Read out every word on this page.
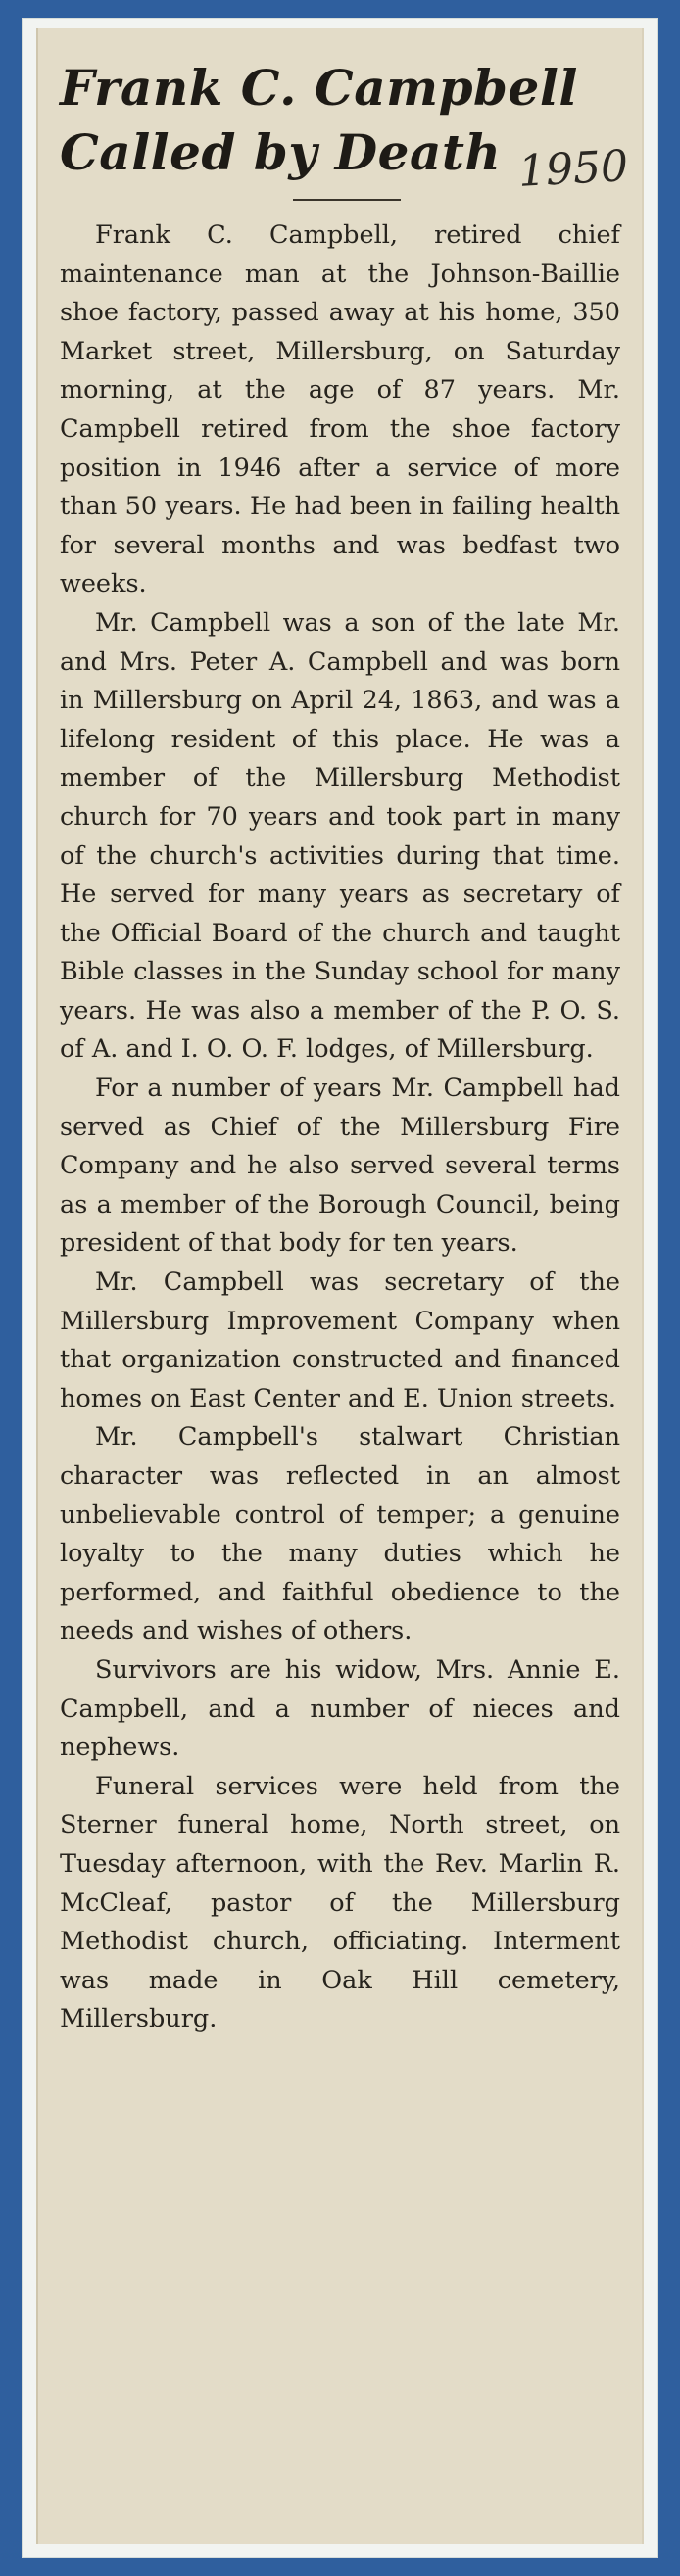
Frank C. Campbell
Called by Death 1950

Frank C. Campbell, retired chief maintenance man at the Johnson-Baillie shoe factory, passed away at his home, 350 Market street, Millersburg, on Saturday morning, at the age of 87 years. Mr. Campbell retired from the shoe factory position in 1946 after a service of more than 50 years. He had been in failing health for several months and was bedfast two weeks.

Mr. Campbell was a son of the late Mr. and Mrs. Peter A. Campbell and was born in Millersburg on April 24, 1863, and was a lifelong resident of this place. He was a member of the Millersburg Methodist church for 70 years and took part in many of the church's activities during that time. He served for many years as secretary of the Official Board of the church and taught Bible classes in the Sunday school for many years. He was also a member of the P. O. S. of A. and I. O. O. F. lodges, of Millersburg.

For a number of years Mr. Campbell had served as Chief of the Millersburg Fire Company and he also served several terms as a member of the Borough Council, being president of that body for ten years.

Mr. Campbell was secretary of the Millersburg Improvement Company when that organization constructed and financed homes on East Center and E. Union streets.

Mr. Campbell's stalwart Christian character was reflected in an almost unbelievable control of temper; a genuine loyalty to the many duties which he performed, and faithful obedience to the needs and wishes of others.

Survivors are his widow, Mrs. Annie E. Campbell, and a number of nieces and nephews.

Funeral services were held from the Sterner funeral home, North street, on Tuesday afternoon, with the Rev. Marlin R. McCleaf, pastor of the Millersburg Methodist church, officiating. Interment was made in Oak Hill cemetery, Millersburg.
